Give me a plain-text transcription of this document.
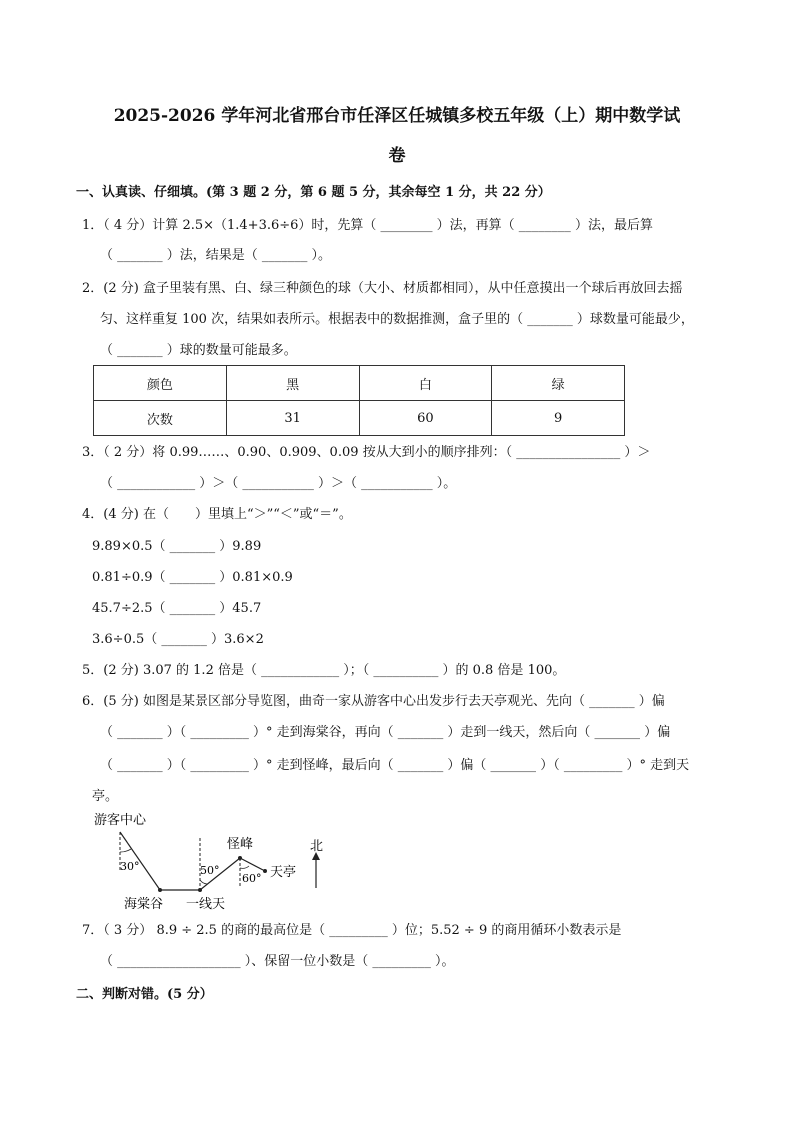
2025-2026 学年河北省邢台市任泽区任城镇多校五年级（上）期中数学试
卷
一、认真读、仔细填。(第 3 题 2 分，第 6 题 5 分，其余每空 1 分，共 22 分）
1．（ 4 分）计算 2.5×（1.4+3.6÷6）时，先算（ ________ ）法，再算（ ________ ）法，最后算
（ _______ ）法，结果是（ _______ ）。
2．(2 分) 盒子里装有黑、白、绿三种颜色的球（大小、材质都相同），从中任意摸出一个球后再放回去摇
匀、这样重复 100 次，结果如表所示。根据表中的数据推测，盒子里的（ _______ ）球数量可能最少，
（ _______ ）球的数量可能最多。
颜色	黑	白	绿
次数	31	60	9
3．（ 2 分）将 0.99……、0.90、0.909、0.09 按从大到小的顺序排列：（ ________________ ）＞
（ ____________ ）＞（ ___________ ）＞（ ___________ ）。
4．(4 分) 在（　　）里填上“＞”“＜”或“＝”。
9.89×0.5（ _______ ）9.89
0.81÷0.9（ _______ ）0.81×0.9
45.7÷2.5（ _______ ）45.7
3.6÷0.5（ _______ ）3.6×2
5．(2 分) 3.07 的 1.2 倍是（ ____________ ）；（ __________ ）的 0.8 倍是 100。
6．(5 分) 如图是某景区部分导览图，曲奇一家从游客中心出发步行去天亭观光、先向（ _______ ）偏
（ _______ ）（ _________ ）° 走到海棠谷，再向（ _______ ）走到一线天，然后向（ _______ ）偏
（ _______ ）（ _________ ）° 走到怪峰，最后向（ _______ ）偏（ _______ ）（ _________ ）° 走到天
亭。
游客中心
30°
海棠谷 一线天
50°
怪峰
60° 天亭
北
7．（ 3 分） 8.9 ÷ 2.5 的商的最高位是（ _________ ）位；5.52 ÷ 9 的商用循环小数表示是
（ ___________________ ）、保留一位小数是（ _________ ）。
二、判断对错。(5 分）
